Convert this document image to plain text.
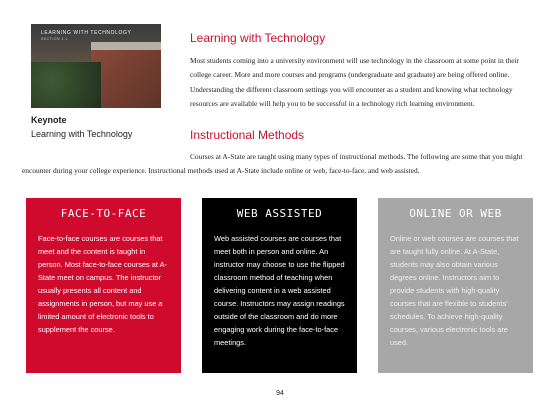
LEARNING WITH TECHNOLOGY
SECTION 1.1
Keynote
Learning with Technology
Learning with Technology
Most students coming into a university environment will use technology in the classroom at some point in their college career. More and more courses and programs (undergraduate and graduate) are being offered online. Understanding the different classroom settings you will encounter as a student and knowing what technology resources are available will help you to be successful in a technology rich learning environment.
Instructional Methods
Courses at A-State are taught using many types of instructional methods. The following are some that you might encounter during your college experience. Instructional methods used at A-State include online or web, face-to-face, and web assisted.
FACE-TO-FACE

Face-to-face courses are courses that meet and the content is taught in person. Most face-to-face courses at A-State meet on campus. The instructor usually presents all content and assignments in person, but may use a limited amount of electronic tools to supplement the course.

WEB ASSISTED

Web assisted courses are courses that meet both in person and online. An instructor may choose to use the flipped classroom method of teaching when delivering content in a web assisted course. Instructors may assign readings outside of the classroom and do more engaging work during the face-to-face meetings.

ONLINE OR WEB

Online or web courses are courses that are taught fully online. At A-State, students may also obtain various degrees online. Instructors aim to provide students with high-quality courses that are flexible to students' schedules. To achieve high-quality courses, various electronic tools are used.

94
